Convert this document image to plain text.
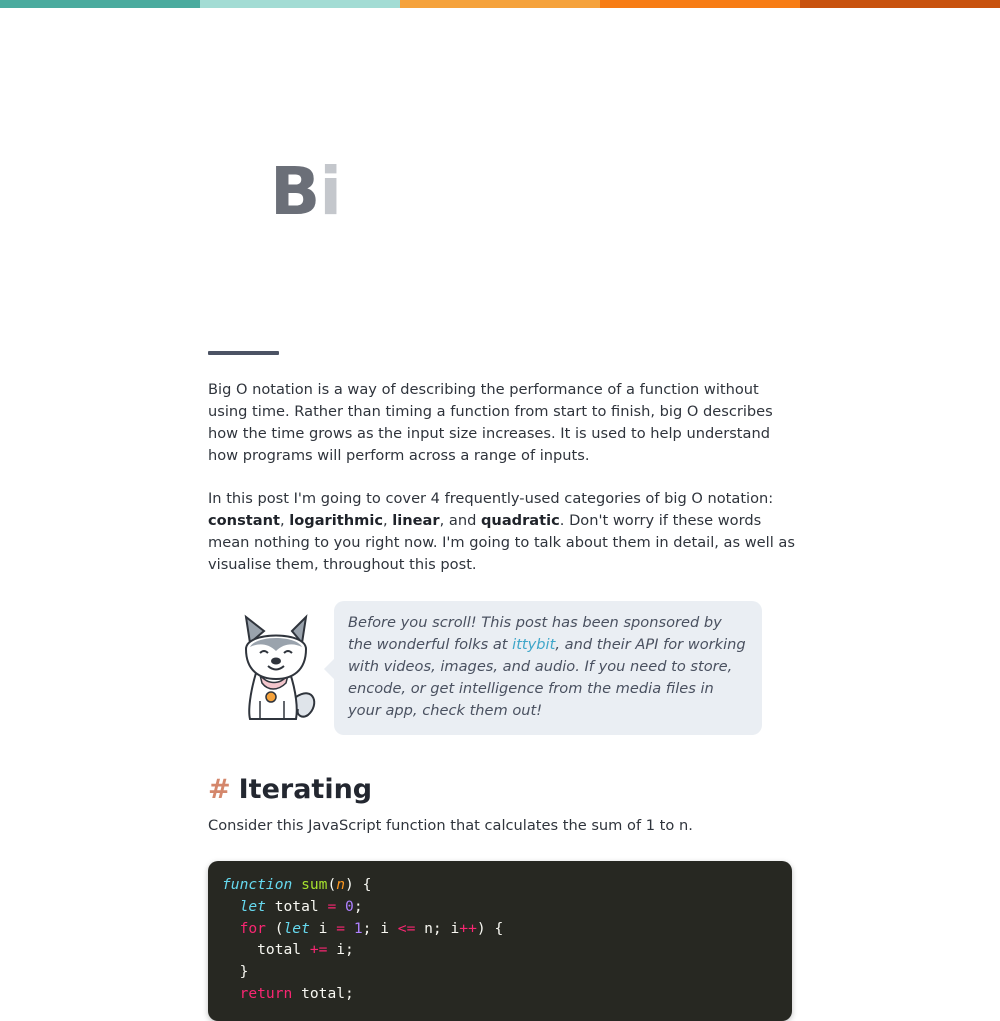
Bi

Big O notation is a way of describing the performance of a function without using time. Rather than timing a function from start to finish, big O describes how the time grows as the input size increases. It is used to help understand how programs will perform across a range of inputs.

In this post I'm going to cover 4 frequently-used categories of big O notation: constant, logarithmic, linear, and quadratic. Don't worry if these words mean nothing to you right now. I'm going to talk about them in detail, as well as visualise them, throughout this post.

Before you scroll! This post has been sponsored by the wonderful folks at ittybit, and their API for working with videos, images, and audio. If you need to store, encode, or get intelligence from the media files in your app, check them out!
# Iterating

Consider this JavaScript function that calculates the sum of 1 to n.

function sum(n) {
let total = 0;
for (let i = 1; i <= n; i++) {
total += i;
}
return total;
